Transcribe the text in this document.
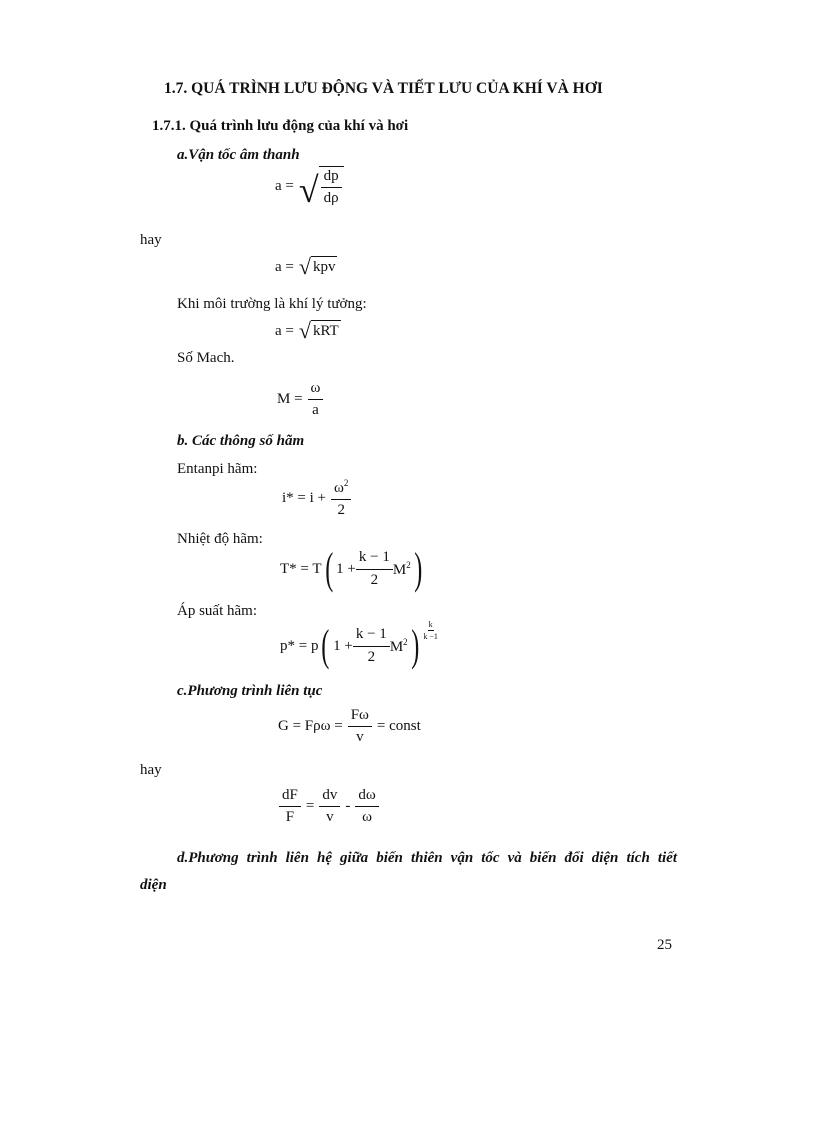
1.7. QUÁ TRÌNH LƯU ĐỘNG VÀ TIẾT LƯU CỦA KHÍ VÀ HƠI
1.7.1. Quá trình lưu động của khí và hơi
a.Vận tốc âm thanh
a = √ $\frac{dp}{d\rho}$
hay
a = √ kpv
Khi môi trường là khí lý tưởng:
a = √ kRT
Số Mach.
$M = \frac{\omega}{a}$
b. Các thông số hãm
Entanpi hãm:
$i* = i + \frac{\omega^2}{2}$
Nhiệt độ hãm:
T* = T ( $1 + \frac{k - 1}{2} M^2$ )
Áp suất hãm:
p* = p ( $1 + \frac{k - 1}{2} M^2$ ) $\frac{k}{k -1}$
c.Phương trình liên tục
$G = F\rho\omega = \frac{F\omega}{v}$ = const
hay
$\frac{dF}{F} = \frac{dv}{v} - \frac{d\omega}{\omega}$
d.Phương trình liên hệ giữa biến thiên vận tốc và biến đổi diện tích tiết
diện
25
